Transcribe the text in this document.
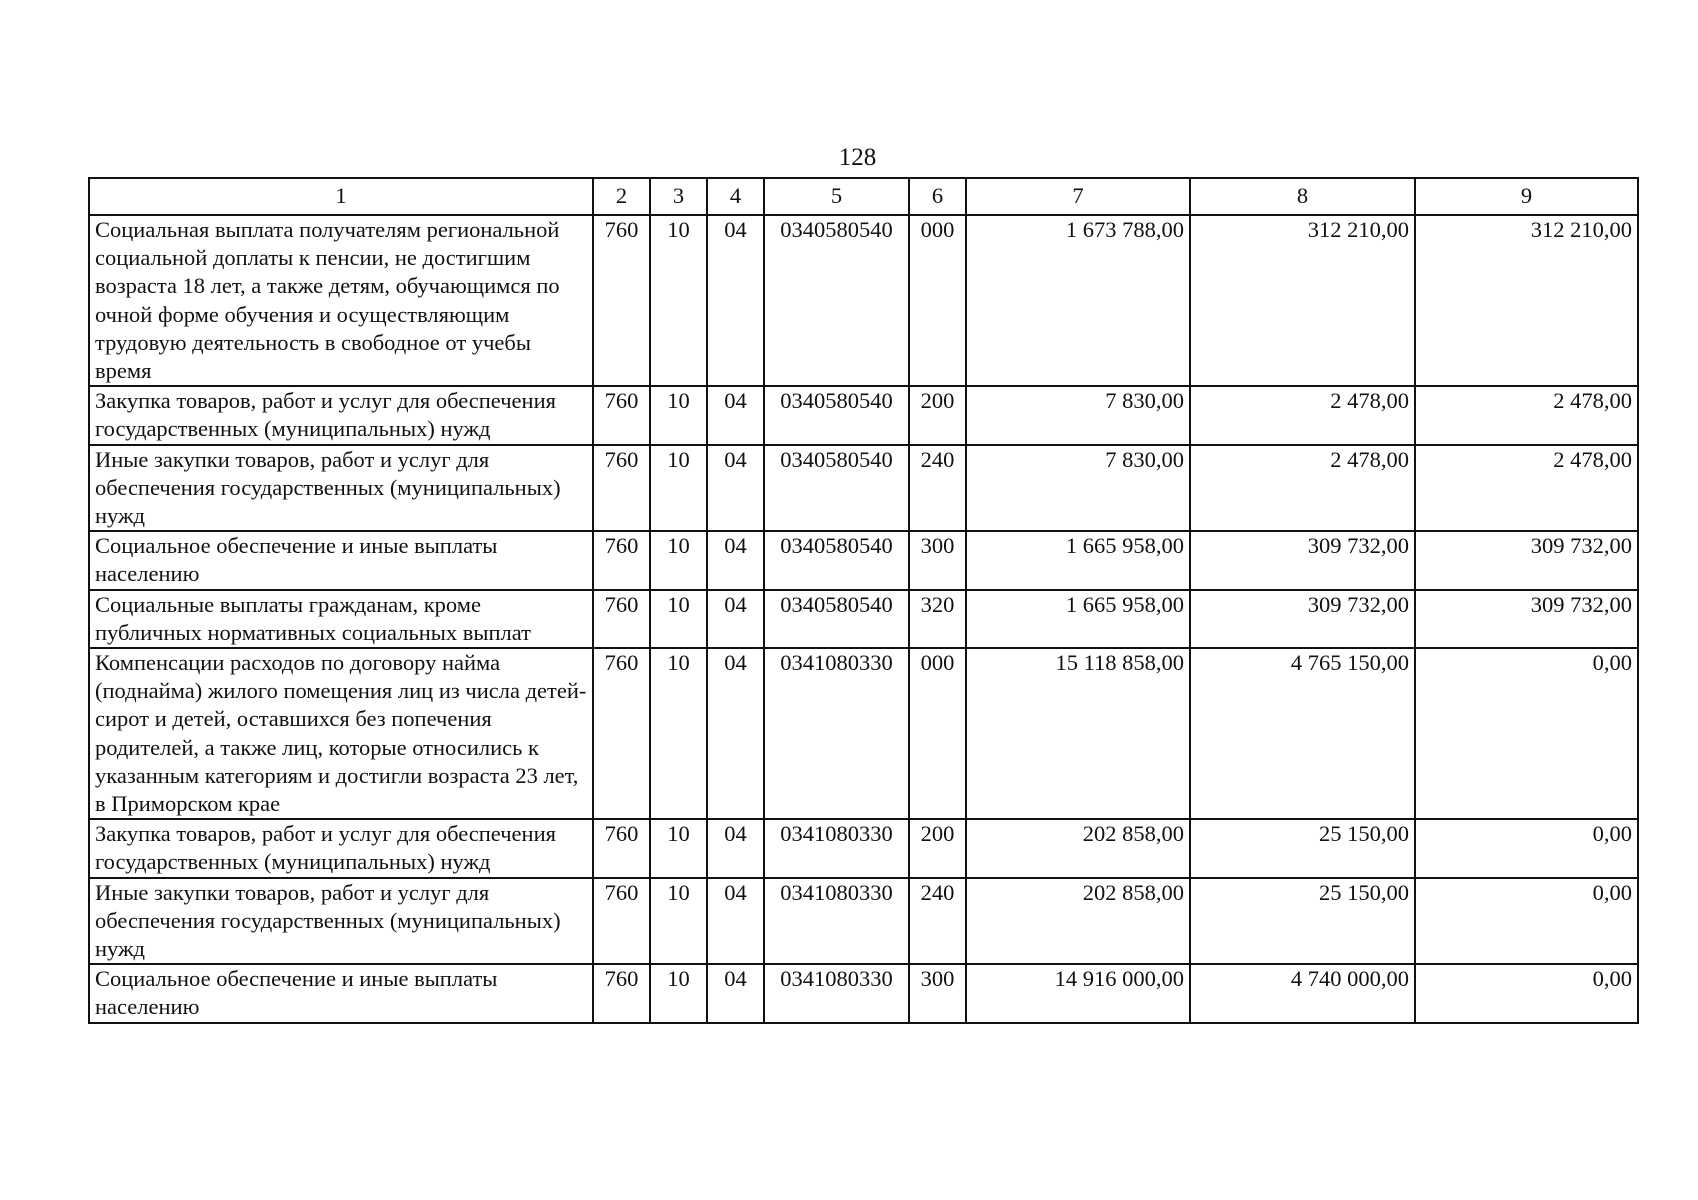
128
1	2	3	4	5	6	7	8	9
Социальная выплата получателям региональной социальной доплаты к пенсии, не достигшим возраста 18 лет, а также детям, обучающимся по очной форме обучения и осуществляющим трудовую деятельность в свободное от учебы время	760	10	04	0340580540	000	1 673 788,00	312 210,00	312 210,00
Закупка товаров, работ и услуг для обеспечения государственных (муниципальных) нужд	760	10	04	0340580540	200	7 830,00	2 478,00	2 478,00
Иные закупки товаров, работ и услуг для обеспечения государственных (муниципальных) нужд	760	10	04	0340580540	240	7 830,00	2 478,00	2 478,00
Социальное обеспечение и иные выплаты населению	760	10	04	0340580540	300	1 665 958,00	309 732,00	309 732,00
Социальные выплаты гражданам, кроме публичных нормативных социальных выплат	760	10	04	0340580540	320	1 665 958,00	309 732,00	309 732,00
Компенсации расходов по договору найма (поднайма) жилого помещения лиц из числа детей-сирот и детей, оставшихся без попечения родителей, а также лиц, которые относились к указанным категориям и достигли возраста 23 лет, в Приморском крае	760	10	04	0341080330	000	15 118 858,00	4 765 150,00	0,00
Закупка товаров, работ и услуг для обеспечения государственных (муниципальных) нужд	760	10	04	0341080330	200	202 858,00	25 150,00	0,00
Иные закупки товаров, работ и услуг для обеспечения государственных (муниципальных) нужд	760	10	04	0341080330	240	202 858,00	25 150,00	0,00
Социальное обеспечение и иные выплаты населению	760	10	04	0341080330	300	14 916 000,00	4 740 000,00	0,00
